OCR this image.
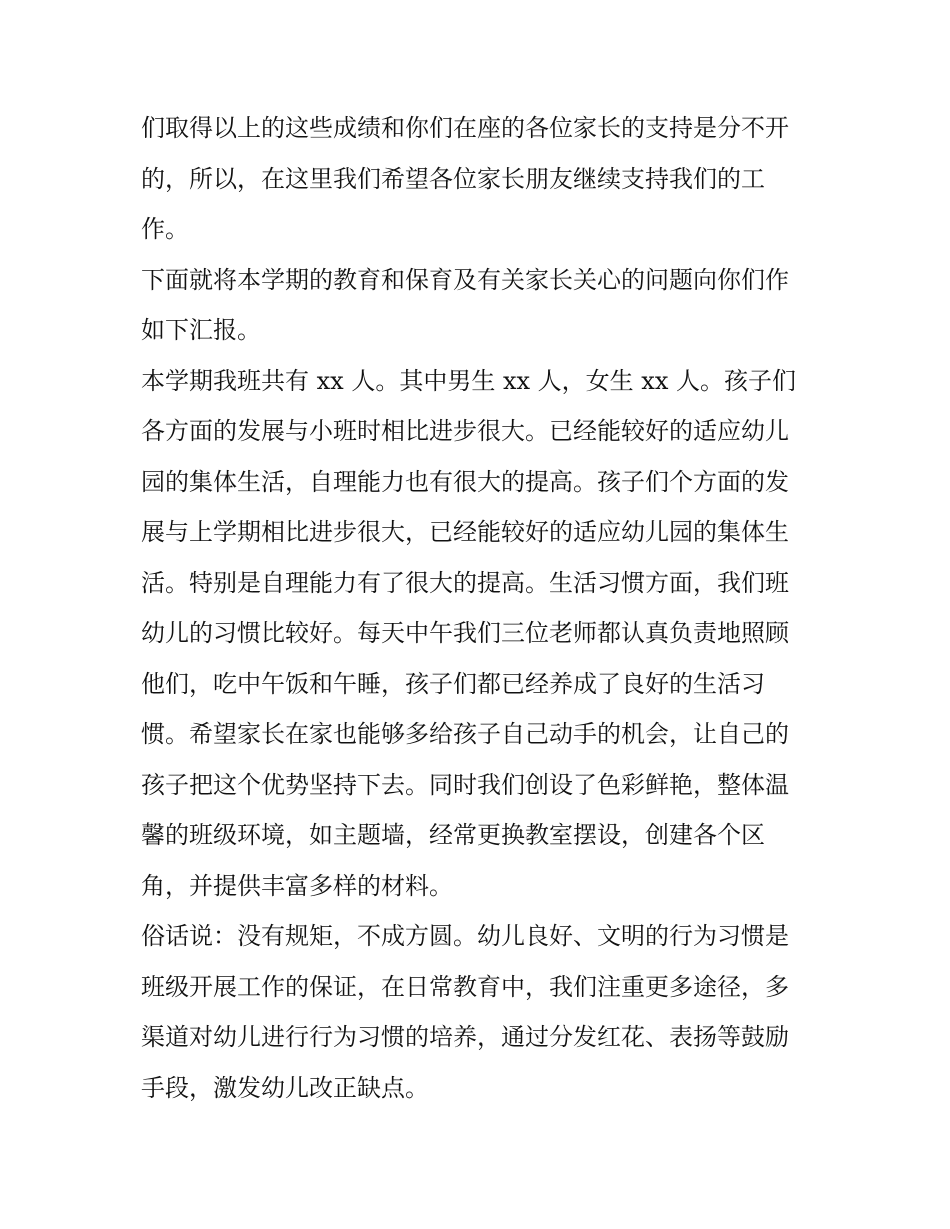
们取得以上的这些成绩和你们在座的各位家长的支持是分不开
的，所以，在这里我们希望各位家长朋友继续支持我们的工
作。
下面就将本学期的教育和保育及有关家长关心的问题向你们作
如下汇报。
本学期我班共有 xx 人。其中男生 xx 人，女生 xx 人。孩子们
各方面的发展与小班时相比进步很大。已经能较好的适应幼儿
园的集体生活，自理能力也有很大的提高。孩子们个方面的发
展与上学期相比进步很大，已经能较好的适应幼儿园的集体生
活。特别是自理能力有了很大的提高。生活习惯方面，我们班
幼儿的习惯比较好。每天中午我们三位老师都认真负责地照顾
他们，吃中午饭和午睡，孩子们都已经养成了良好的生活习
惯。希望家长在家也能够多给孩子自己动手的机会，让自己的
孩子把这个优势坚持下去。同时我们创设了色彩鲜艳，整体温
馨的班级环境，如主题墙，经常更换教室摆设，创建各个区
角，并提供丰富多样的材料。
俗话说：没有规矩，不成方圆。幼儿良好、文明的行为习惯是
班级开展工作的保证，在日常教育中，我们注重更多途径，多
渠道对幼儿进行行为习惯的培养，通过分发红花、表扬等鼓励
手段，激发幼儿改正缺点。
